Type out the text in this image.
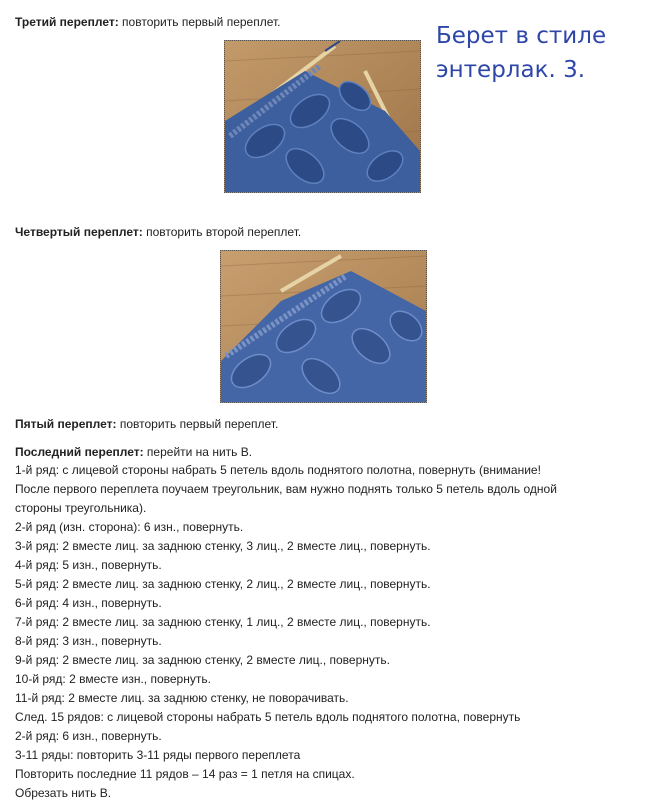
Третий переплет: повторить первый переплет.
Берет в стиле
энтерлак. 3.
Четвертый переплет: повторить второй переплет.
Пятый переплет: повторить первый переплет.
Последний переплет: перейти на нить В.
1-й ряд: с лицевой стороны набрать 5 петель вдоль поднятого полотна, повернуть (внимание!
После первого переплета поучаем треугольник, вам нужно поднять только 5 петель вдоль одной
стороны треугольника).
2-й ряд (изн. сторона): 6 изн., повернуть.
3-й ряд: 2 вместе лиц. за заднюю стенку, 3 лиц., 2 вместе лиц., повернуть.
4-й ряд: 5 изн., повернуть.
5-й ряд: 2 вместе лиц. за заднюю стенку, 2 лиц., 2 вместе лиц., повернуть.
6-й ряд: 4 изн., повернуть.
7-й ряд: 2 вместе лиц. за заднюю стенку, 1 лиц., 2 вместе лиц., повернуть.
8-й ряд: 3 изн., повернуть.
9-й ряд: 2 вместе лиц. за заднюю стенку, 2 вместе лиц., повернуть.
10-й ряд: 2 вместе изн., повернуть.
11-й ряд: 2 вместе лиц. за заднюю стенку, не поворачивать.
След. 15 рядов: с лицевой стороны набрать 5 петель вдоль поднятого полотна, повернуть
2-й ряд: 6 изн., повернуть.
3-11 ряды: повторить 3-11 ряды первого переплета
Повторить последние 11 рядов – 14 раз = 1 петля на спицах.
Обрезать нить В.
